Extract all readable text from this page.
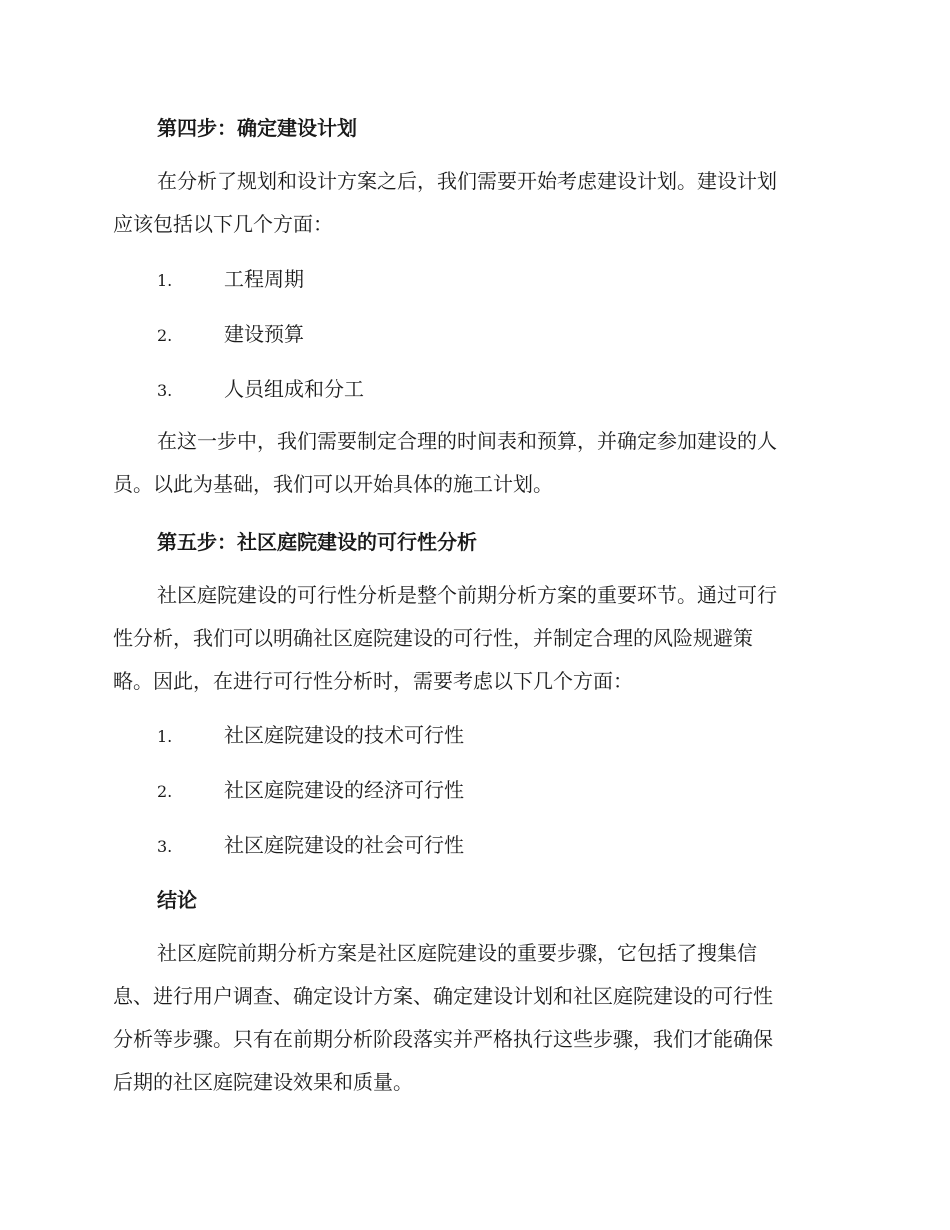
第四步：确定建设计划

在分析了规划和设计方案之后，我们需要开始考虑建设计划。建设计划
应该包括以下几个方面：

1.	工程周期
2.	建设预算
3.	人员组成和分工

在这一步中，我们需要制定合理的时间表和预算，并确定参加建设的人
员。以此为基础，我们可以开始具体的施工计划。

第五步：社区庭院建设的可行性分析

社区庭院建设的可行性分析是整个前期分析方案的重要环节。通过可行
性分析，我们可以明确社区庭院建设的可行性，并制定合理的风险规避策
略。因此，在进行可行性分析时，需要考虑以下几个方面：

1.	社区庭院建设的技术可行性
2.	社区庭院建设的经济可行性
3.	社区庭院建设的社会可行性
结论

社区庭院前期分析方案是社区庭院建设的重要步骤，它包括了搜集信
息、进行用户调查、确定设计方案、确定建设计划和社区庭院建设的可行性
分析等步骤。只有在前期分析阶段落实并严格执行这些步骤，我们才能确保
后期的社区庭院建设效果和质量。
